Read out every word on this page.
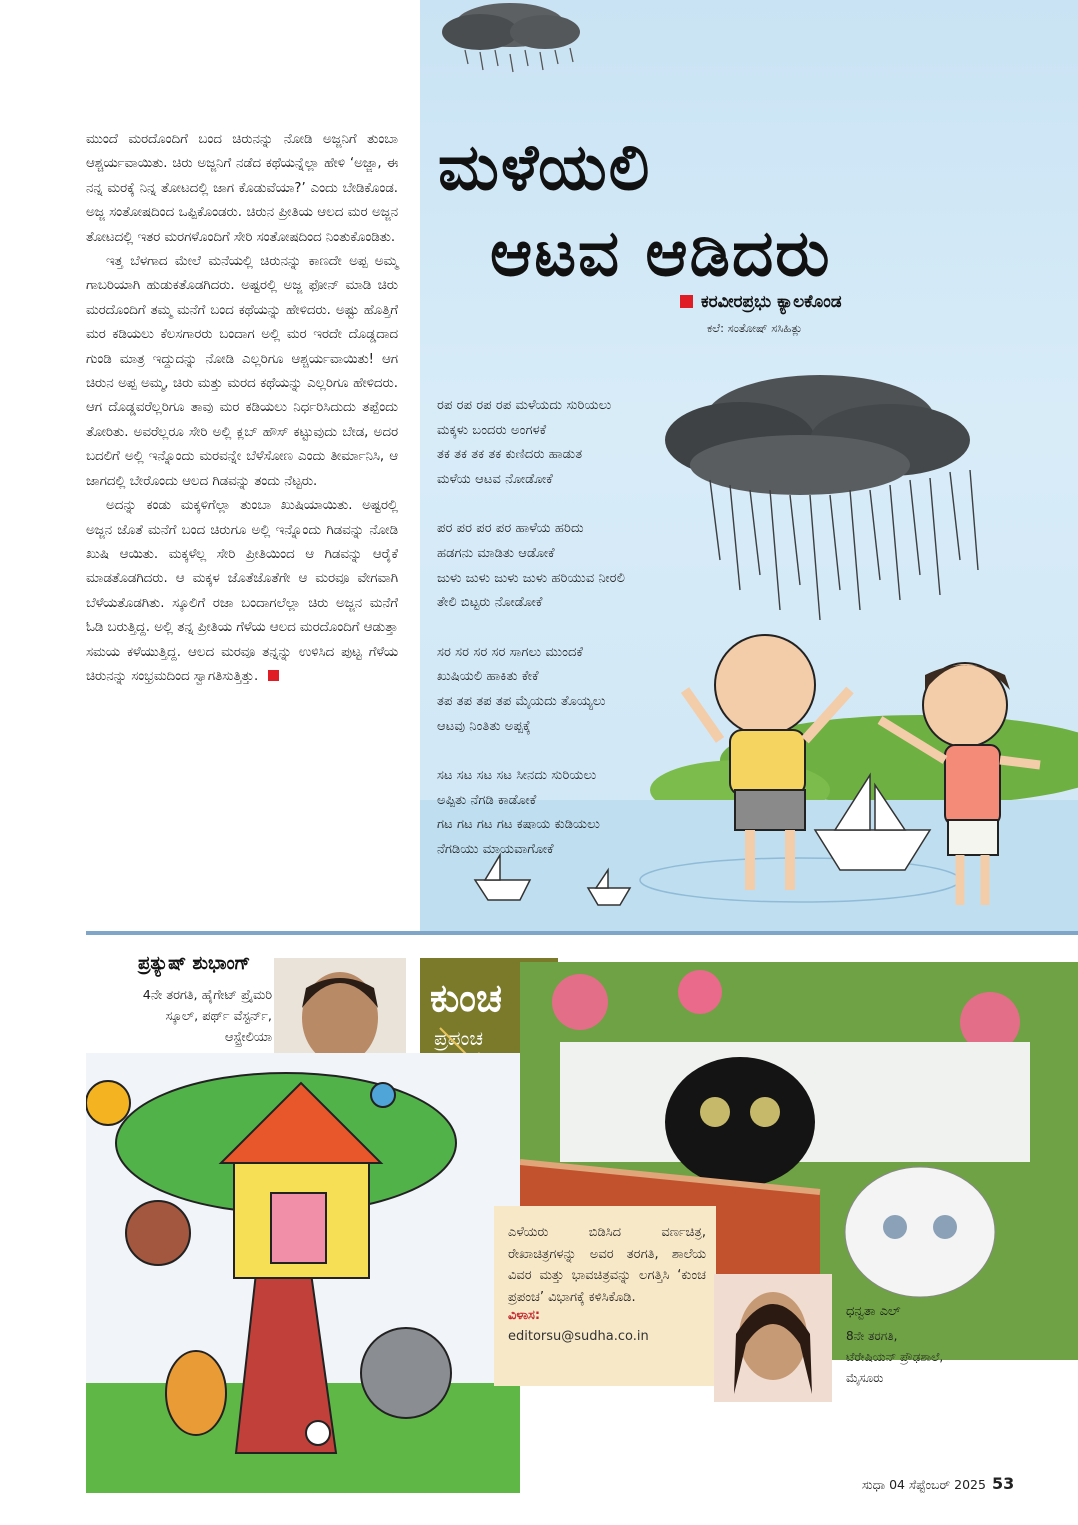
ಮುಂದೆ ಮರದೊಂದಿಗೆ ಬಂದ ಚಿರುನನ್ನು ನೋಡಿ ಅಜ್ಜನಿಗೆ ತುಂಬಾ ಆಶ್ಚರ್ಯವಾಯಿತು. ಚಿರು ಅಜ್ಜನಿಗೆ ನಡೆದ ಕಥೆಯನ್ನೆಲ್ಲಾ ಹೇಳಿ ‘ಅಜ್ಜಾ, ಈ ನನ್ನ ಮರಕ್ಕೆ ನಿನ್ನ ತೋಟದಲ್ಲಿ ಜಾಗ ಕೊಡುವೆಯಾ?’ ಎಂದು ಬೇಡಿಕೊಂಡ. ಅಜ್ಜ ಸಂತೋಷದಿಂದ ಒಪ್ಪಿಕೊಂಡರು. ಚಿರುನ ಪ್ರೀತಿಯ ಆಲದ ಮರ ಅಜ್ಜನ ತೋಟದಲ್ಲಿ ಇತರ ಮರಗಳೊಂದಿಗೆ ಸೇರಿ ಸಂತೋಷದಿಂದ ನಿಂತುಕೊಂಡಿತು.

ಇತ್ತ ಬೆಳಗಾದ ಮೇಲೆ ಮನೆಯಲ್ಲಿ ಚಿರುನನ್ನು ಕಾಣದೇ ಅಪ್ಪ ಅಮ್ಮ ಗಾಬರಿಯಾಗಿ ಹುಡುಕತೊಡಗಿದರು. ಅಷ್ಟರಲ್ಲಿ ಅಜ್ಜ ಫೋನ್ ಮಾಡಿ ಚಿರು ಮರದೊಂದಿಗೆ ತಮ್ಮ ಮನೆಗೆ ಬಂದ ಕಥೆಯನ್ನು ಹೇಳಿದರು. ಅಷ್ಟು ಹೊತ್ತಿಗೆ ಮರ ಕಡಿಯಲು ಕೆಲಸಗಾರರು ಬಂದಾಗ ಅಲ್ಲಿ ಮರ ಇರದೇ ದೊಡ್ಡದಾದ ಗುಂಡಿ ಮಾತ್ರ ಇದ್ದುದನ್ನು ನೋಡಿ ಎಲ್ಲರಿಗೂ ಆಶ್ಚರ್ಯವಾಯಿತು! ಆಗ ಚಿರುನ ಅಪ್ಪ ಅಮ್ಮ, ಚಿರು ಮತ್ತು ಮರದ ಕಥೆಯನ್ನು ಎಲ್ಲರಿಗೂ ಹೇಳಿದರು. ಆಗ ದೊಡ್ಡವರೆಲ್ಲರಿಗೂ ತಾವು ಮರ ಕಡಿಯಲು ನಿರ್ಧರಿಸಿದುದು ತಪ್ಪೆಂದು ತೋರಿತು. ಅವರೆಲ್ಲರೂ ಸೇರಿ ಅಲ್ಲಿ ಕ್ಲಬ್ ಹೌಸ್ ಕಟ್ಟುವುದು ಬೇಡ, ಅದರ ಬದಲಿಗೆ ಅಲ್ಲಿ ಇನ್ನೊಂದು ಮರವನ್ನೇ ಬೆಳೆಸೋಣ ಎಂದು ತೀರ್ಮಾನಿಸಿ, ಆ ಜಾಗದಲ್ಲಿ ಬೇರೊಂದು ಆಲದ ಗಿಡವನ್ನು ತಂದು ನೆಟ್ಟರು.

ಅದನ್ನು ಕಂಡು ಮಕ್ಕಳಿಗೆಲ್ಲಾ ತುಂಬಾ ಖುಷಿಯಾಯಿತು. ಅಷ್ಟರಲ್ಲಿ ಅಜ್ಜನ ಜೊತೆ ಮನೆಗೆ ಬಂದ ಚಿರುಗೂ ಅಲ್ಲಿ ಇನ್ನೊಂದು ಗಿಡವನ್ನು ನೋಡಿ ಖುಷಿ ಆಯಿತು. ಮಕ್ಕಳೆಲ್ಲ ಸೇರಿ ಪ್ರೀತಿಯಿಂದ ಆ ಗಿಡವನ್ನು ಆರೈಕೆ ಮಾಡತೊಡಗಿದರು. ಆ ಮಕ್ಕಳ ಜೊತೆಜೊತೆಗೇ ಆ ಮರವೂ ವೇಗವಾಗಿ ಬೆಳೆಯತೊಡಗಿತು. ಸ್ಕೂಲಿಗೆ ರಜಾ ಬಂದಾಗಲೆಲ್ಲಾ ಚಿರು ಅಜ್ಜನ ಮನೆಗೆ ಓಡಿ ಬರುತ್ತಿದ್ದ. ಅಲ್ಲಿ ತನ್ನ ಪ್ರೀತಿಯ ಗೆಳೆಯ ಆಲದ ಮರದೊಂದಿಗೆ ಆಡುತ್ತಾ ಸಮಯ ಕಳೆಯುತ್ತಿದ್ದ. ಆಲದ ಮರವೂ ತನ್ನನ್ನು ಉಳಿಸಿದ ಪುಟ್ಟ ಗೆಳೆಯ ಚಿರುನನ್ನು ಸಂಭ್ರಮದಿಂದ ಸ್ವಾಗತಿಸುತ್ತಿತ್ತು.

ಮಳೆಯಲಿ
ಆಟವ ಆಡಿದರು
ಕರವೀರಪ್ರಭು ಕ್ಯಾಲಕೊಂಡ
ಕಲೆ: ಸಂತೋಷ್ ಸಸಿಹಿತ್ಲು
ರಪ ರಪ ರಪ ರಪ ಮಳೆಯದು ಸುರಿಯಲು
ಮಕ್ಕಳು ಬಂದರು ಅಂಗಳಕೆ
ತಕ ತಕ ತಕ ತಕ ಕುಣಿದರು ಹಾಡುತ
ಮಳೆಯ ಆಟವ ನೋಡೋಕೆ
ಪರ ಪರ ಪರ ಪರ ಹಾಳೆಯ ಹರಿದು
ಹಡಗನು ಮಾಡಿತು ಆಡೋಕೆ
ಜುಳು ಜುಳು ಜುಳು ಜುಳು ಹರಿಯುವ ನೀರಲಿ
ತೇಲಿ ಬಿಟ್ಟರು ನೋಡೋಕೆ
ಸರ ಸರ ಸರ ಸರ ಸಾಗಲು ಮುಂದಕೆ
ಖುಷಿಯಲಿ ಹಾಕಿತು ಕೇಕೆ
ತಪ ತಪ ತಪ ತಪ ಮೈಯದು ತೊಯ್ಯಲು
ಆಟವು ನಿಂತಿತು ಅಪ್ಪಕ್ಕೆ
ಸಟ ಸಟ ಸಟ ಸಟ ಸೀನದು ಸುರಿಯಲು
ಅಪ್ಪಿತು ನೆಗಡಿ ಕಾಡೋಕೆ
ಗಟ ಗಟ ಗಟ ಗಟ ಕಷಾಯ ಕುಡಿಯಲು
ನೆಗಡಿಯು ಮಾಯವಾಗೋಕೆ
ಪ್ರತ್ಯುಷ್ ಶುಭಾಂಗ್
4ನೇ ತರಗತಿ, ಹೈಗೇಟ್ ಪ್ರೈಮರಿ
ಸ್ಕೂಲ್, ಪರ್ಥ್ ವೆಸ್ಟರ್ನ್,
ಆಸ್ಟ್ರೇಲಿಯಾ
ಕುಂಚ
ಪ್ರಪಂಚ
ಎಳೆಯರು ಬಿಡಿಸಿದ ವರ್ಣಚಿತ್ರ, ರೇಖಾಚಿತ್ರಗಳನ್ನು ಅವರ ತರಗತಿ, ಶಾಲೆಯ ವಿವರ ಮತ್ತು ಭಾವಚಿತ್ರವನ್ನು ಲಗತ್ತಿಸಿ ‘ಕುಂಚ ಪ್ರಪಂಚ’ ವಿಭಾಗಕ್ಕೆ ಕಳಿಸಿಕೊಡಿ.
ವಿಳಾಸ:
editorsu@sudha.co.in
ಧನ್ವತಾ ಎಲ್
8ನೇ ತರಗತಿ,
ಟೆರೇಷಿಯನ್ ಪ್ರೌಢಶಾಲೆ,
ಮೈಸೂರು
ಸುಧಾ 04 ಸೆಪ್ಟೆಂಬರ್ 2025 53
